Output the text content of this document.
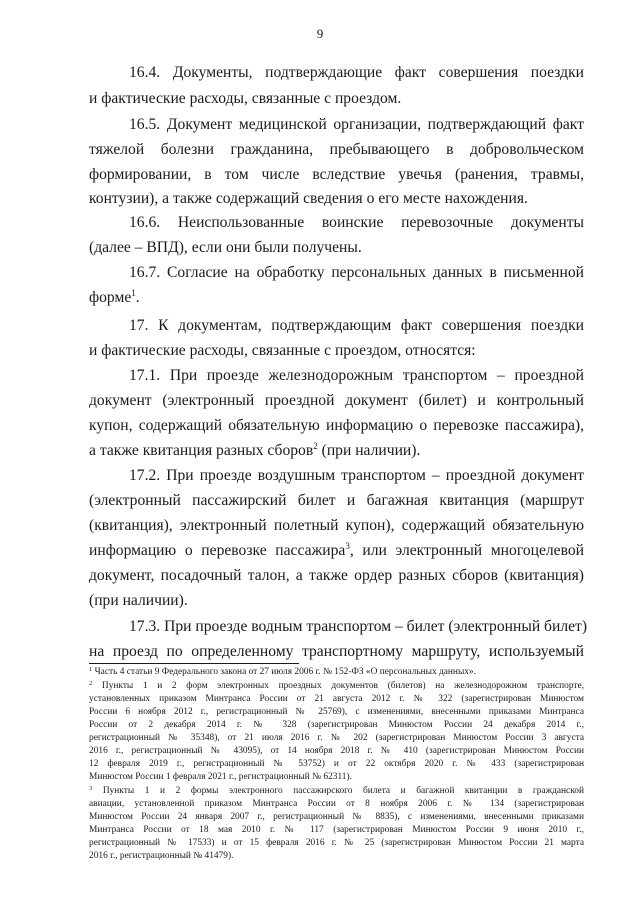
9
16.4. Документы, подтверждающие факт совершения поездки
и фактические расходы, связанные с проездом.
16.5. Документ медицинской организации, подтверждающий факт
тяжелой болезни гражданина, пребывающего в добровольческом
формировании, в том числе вследствие увечья (ранения, травмы,
контузии), а также содержащий сведения о его месте нахождения.
16.6. Неиспользованные воинские перевозочные документы
(далее – ВПД), если они были получены.
16.7. Согласие на обработку персональных данных в письменной
форме$^1$.
17. К документам, подтверждающим факт совершения поездки
и фактические расходы, связанные с проездом, относятся:
17.1. При проезде железнодорожным транспортом – проездной
документ (электронный проездной документ (билет) и контрольный
купон, содержащий обязательную информацию о перевозке пассажира),
а также квитанция разных сборов$^2$ (при наличии).
17.2. При проезде воздушным транспортом – проездной документ
(электронный пассажирский билет и багажная квитанция (маршрут
(квитанция), электронный полетный купон), содержащий обязательную
информацию о перевозке пассажира$^3$, или электронный многоцелевой
документ, посадочный талон, а также ордер разных сборов (квитанция)
(при наличии).
17.3. При проезде водным транспортом – билет (электронный билет)
на проезд по определенному транспортному маршруту, используемый
$^1$ Часть 4 статьи 9 Федерального закона от 27 июля 2006 г. № 152-ФЗ «О персональных данных».
$^2$ Пункты 1 и 2 форм электронных проездных документов (билетов) на железнодорожном транспорте,
установленных приказом Минтранса России от 21 августа 2012 г. № 322 (зарегистрирован Минюстом
России 6 ноября 2012 г., регистрационный № 25769), с изменениями, внесенными приказами Минтранса
России от 2 декабря 2014 г. № 328 (зарегистрирован Минюстом России 24 декабря 2014 г.,
регистрационный № 35348), от 21 июля 2016 г. № 202 (зарегистрирован Минюстом России 3 августа
2016 г., регистрационный № 43095), от 14 ноября 2018 г. № 410 (зарегистрирован Минюстом России
12 февраля 2019 г., регистрационный № 53752) и от 22 октября 2020 г. № 433 (зарегистрирован
Минюстом России 1 февраля 2021 г., регистрационный № 62311).
$^3$ Пункты 1 и 2 формы электронного пассажирского билета и багажной квитанции в гражданской
авиации, установленной приказом Минтранса России от 8 ноября 2006 г. № 134 (зарегистрирован
Минюстом России 24 января 2007 г., регистрационный № 8835), с изменениями, внесенными приказами
Минтранса России от 18 мая 2010 г. № 117 (зарегистрирован Минюстом России 9 июня 2010 г.,
регистрационный № 17533) и от 15 февраля 2016 г. № 25 (зарегистрирован Минюстом России 21 марта
2016 г., регистрационный № 41479).
